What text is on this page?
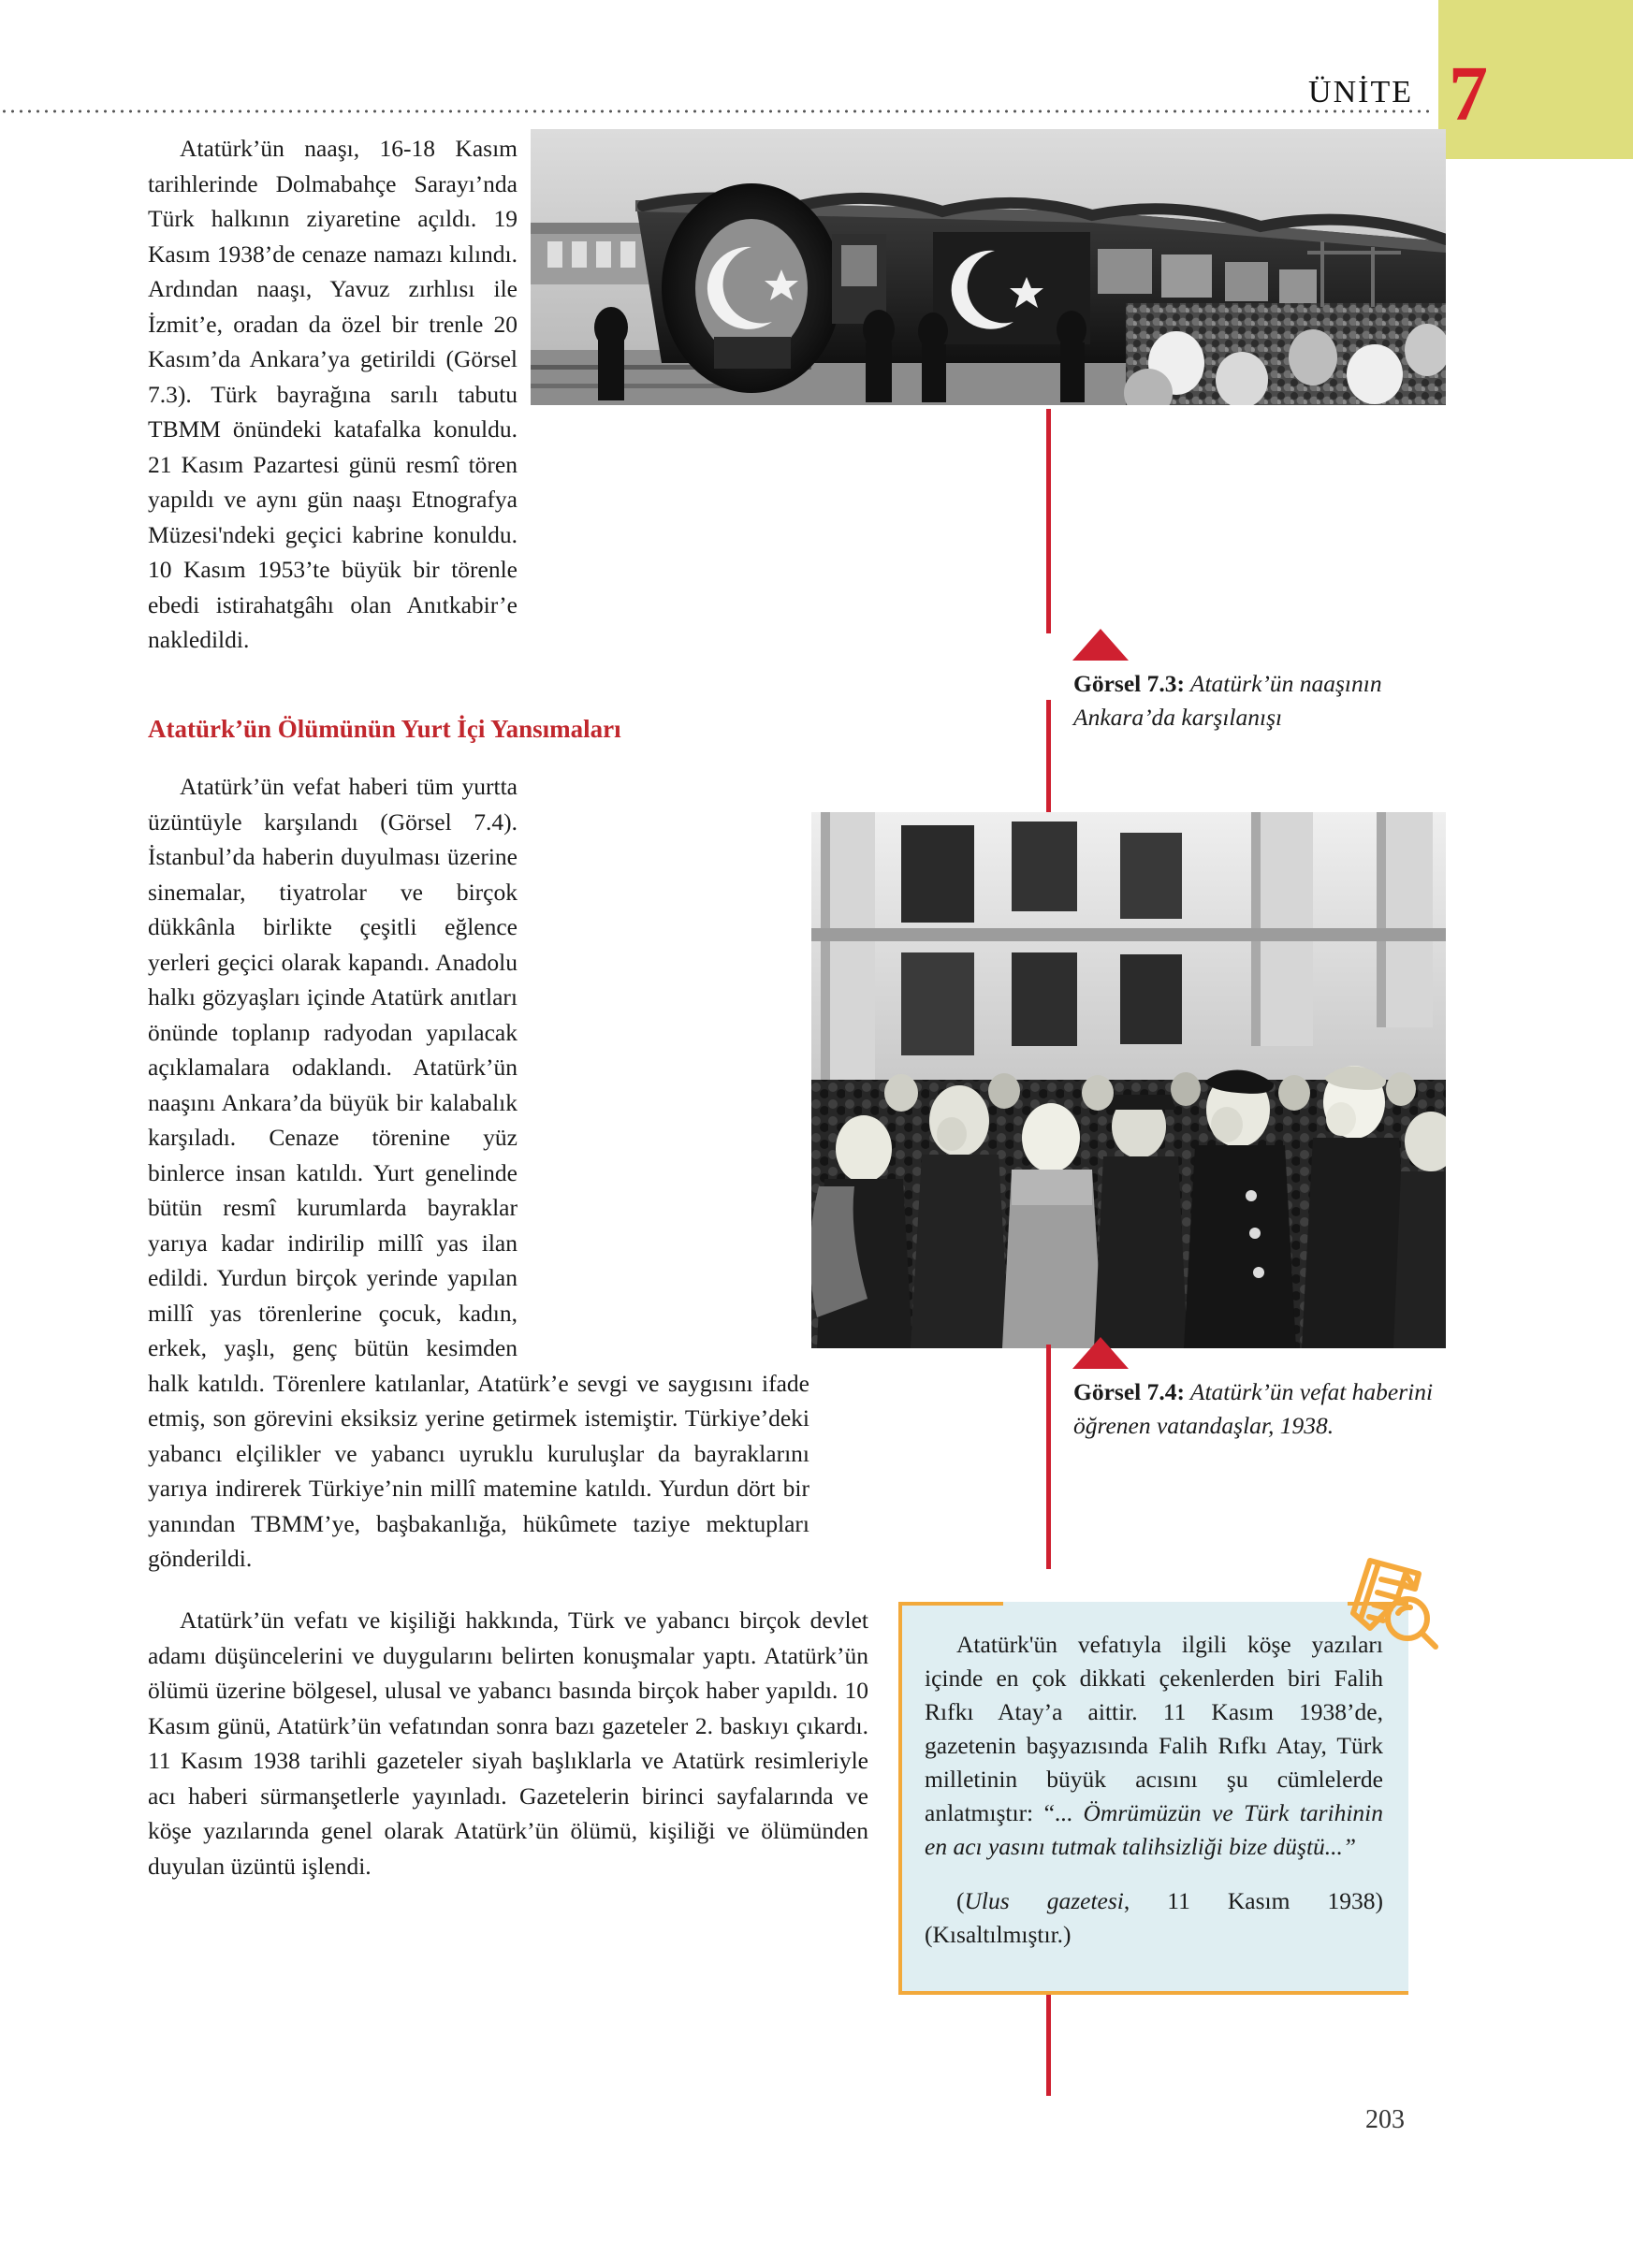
7
ÜNİTE

Atatürk’ün naaşı, 16-18 Kasım tarihlerinde Dolmabahçe Sarayı’nda Türk halkının ziyaretine açıldı. 19 Kasım 1938’de cenaze namazı kılındı. Ardından naaşı, Yavuz zırhlısı ile İzmit’e, oradan da özel bir trenle 20 Kasım’da Ankara’ya getirildi (Görsel 7.3). Türk bayrağına sarılı tabutu TBMM önündeki katafalka konuldu. 21 Kasım Pazartesi günü resmî tören yapıldı ve aynı gün naaşı Etnografya Müzesi'ndeki geçici kabrine konuldu. 10 Kasım 1953’te büyük bir törenle ebedi istirahatgâhı olan Anıtkabir’e nakledildi.

Atatürk’ün Ölümünün Yurt İçi Yansımaları

Atatürk’ün vefat haberi tüm yurtta üzüntüyle karşılandı (Görsel 7.4). İstanbul’da haberin duyulması üzerine sinemalar, tiyatrolar ve birçok dükkânla birlikte çeşitli eğlence yerleri geçici olarak kapandı. Anadolu halkı gözyaşları içinde Atatürk anıtları önünde toplanıp radyodan yapılacak açıklamalara odaklandı. Atatürk’ün naaşını Ankara’da büyük bir kalabalık karşıladı. Cenaze törenine yüz binlerce insan katıldı. Yurt genelinde bütün resmî kurumlarda bayraklar yarıya kadar indirilip millî yas ilan edildi. Yurdun birçok yerinde yapılan millî yas törenlerine çocuk, kadın, erkek, yaşlı, genç bütün kesimden halk katıldı. Törenlere katılanlar, Atatürk’e sevgi ve saygısını ifade etmiş, son görevini eksiksiz yerine getirmek istemiştir. Türkiye’deki yabancı elçilikler ve yabancı uyruklu kuruluşlar da bayraklarını yarıya indirerek Türkiye’nin millî matemine katıldı. Yurdun dört bir yanından TBMM’ye, başbakanlığa, hükûmete taziye mektupları gönderildi.

Atatürk’ün vefatı ve kişiliği hakkında, Türk ve yabancı birçok devlet adamı düşüncelerini ve duygularını belirten konuşmalar yaptı. Atatürk’ün ölümü üzerine bölgesel, ulusal ve yabancı basında birçok haber yapıldı. 10 Kasım günü, Atatürk’ün vefatından sonra bazı gazeteler 2. baskıyı çıkardı. 11 Kasım 1938 tarihli gazeteler siyah başlıklarla ve Atatürk resimleriyle acı haberi sürmanşetlerle yayınladı. Gazetelerin birinci sayfalarında ve köşe yazılarında genel olarak Atatürk’ün ölümü, kişiliği ve ölümünden duyulan üzüntü işlendi.

Görsel 7.3: Atatürk’ün naaşının Ankara’da karşılanışı
Görsel 7.4: Atatürk’ün vefat haberini öğrenen vatandaşlar, 1938.

Atatürk'ün vefatıyla ilgili köşe yazıları içinde en çok dikkati çekenlerden biri Falih Rıfkı Atay’a aittir. 11 Kasım 1938’de, gazetenin başyazısında Falih Rıfkı Atay, Türk milletinin büyük acısını şu cümlelerde anlatmıştır: “... Ömrümüzün ve Türk tarihinin en acı yasını tutmak talihsizliği bize düştü...”

(Ulus gazetesi, 11 Kasım 1938) (Kısaltılmıştır.)

203
